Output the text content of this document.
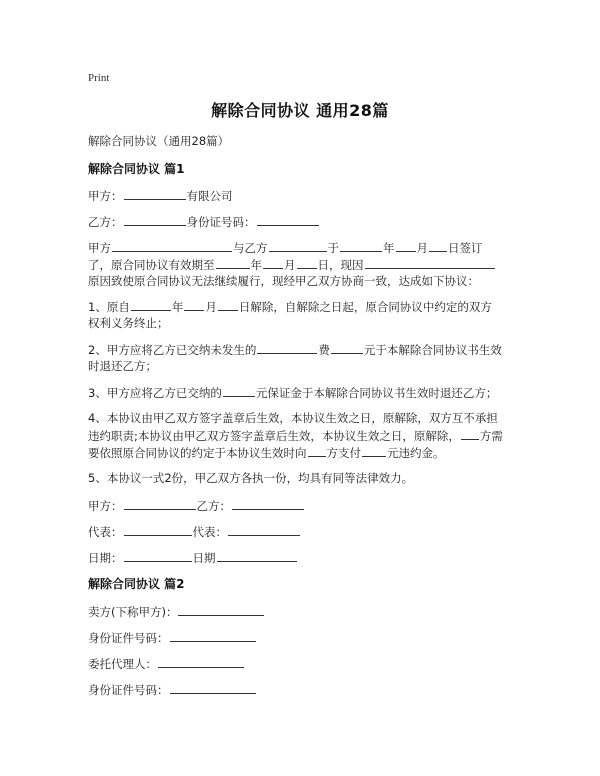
Print
解除合同协议 通用28篇
解除合同协议（通用28篇）
解除合同协议 篇1
甲方：	有限公司
乙方：	身份证号码：
甲方	与乙方	于	年 月 日签订
了，原合同协议有效期至	年 月 日，现因
原因致使原合同协议无法继续履行，现经甲乙双方协商一致，达成如下协议：
1、原自	年 月 日解除，自解除之日起，原合同协议中约定的双方
权利义务终止；
2、甲方应将乙方已交纳未发生的	费	元于本解除合同协议书生效
时退还乙方；
3、甲方应将乙方已交纳的	元保证金于本解除合同协议书生效时退还乙方；
4、本协议由甲乙双方签字盖章后生效，本协议生效之日，原解除，双方互不承担
违约职责;本协议由甲乙双方签字盖章后生效，本协议生效之日，原解除， 方需
要依照原合同协议的约定于本协议生效时向 方支付 元违约金。
5、本协议一式2份，甲乙双方各执一份，均具有同等法律效力。
甲方：	乙方：
代表：	代表：
日期：	日期
解除合同协议 篇2
卖方(下称甲方)：
身份证件号码：
委托代理人：
身份证件号码：
